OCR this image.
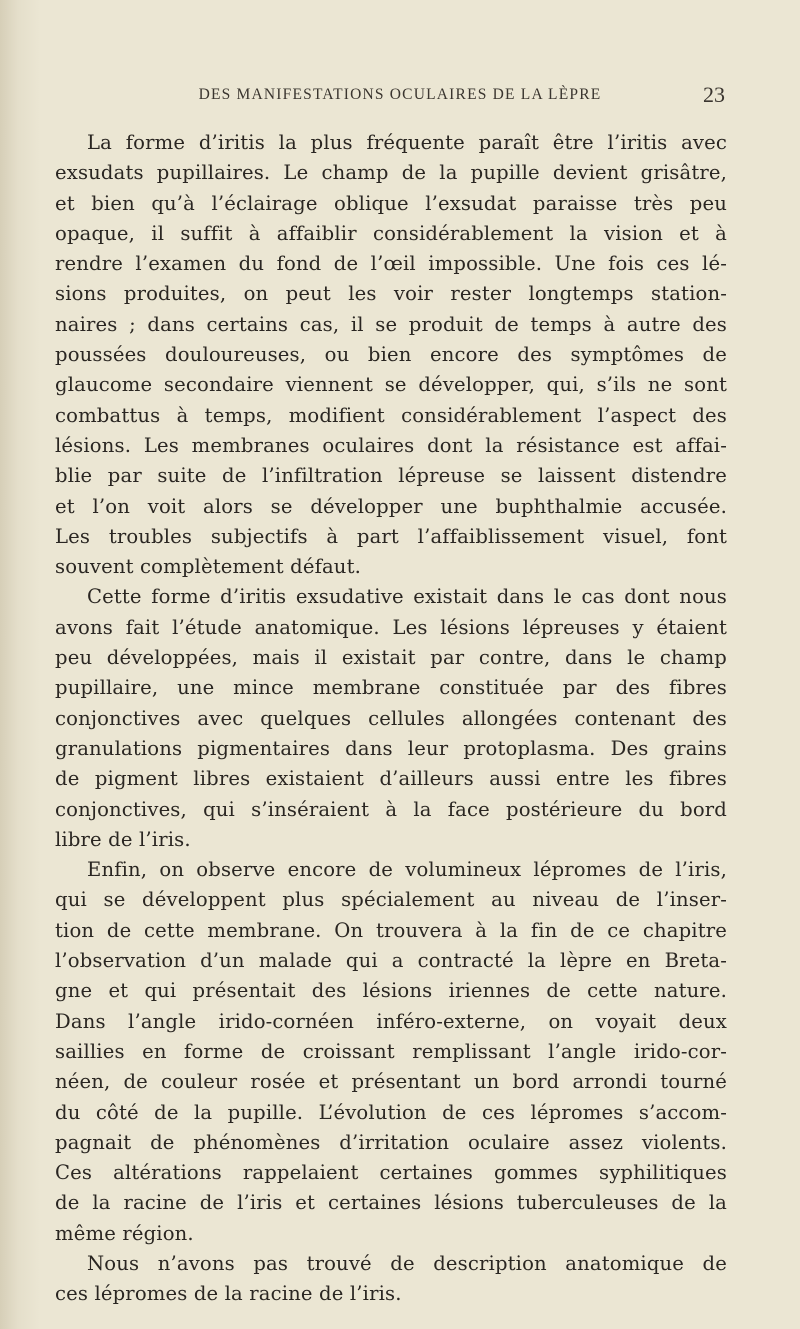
DES MANIFESTATIONS OCULAIRES DE LA LÈPRE	23
La forme d’iritis la plus fréquente paraît être l’iritis avec
exsudats pupillaires. Le champ de la pupille devient grisâtre,
et bien qu’à l’éclairage oblique l’exsudat paraisse très peu
opaque, il suffit à affaiblir considérablement la vision et à
rendre l’examen du fond de l’œil impossible. Une fois ces lé-
sions produites, on peut les voir rester longtemps station-
naires ; dans certains cas, il se produit de temps à autre des
poussées douloureuses, ou bien encore des symptômes de
glaucome secondaire viennent se développer, qui, s’ils ne sont
combattus à temps, modifient considérablement l’aspect des
lésions. Les membranes oculaires dont la résistance est affai-
blie par suite de l’infiltration lépreuse se laissent distendre
et l’on voit alors se développer une buphthalmie accusée.
Les troubles subjectifs à part l’affaiblissement visuel, font
souvent complètement défaut.
Cette forme d’iritis exsudative existait dans le cas dont nous
avons fait l’étude anatomique. Les lésions lépreuses y étaient
peu développées, mais il existait par contre, dans le champ
pupillaire, une mince membrane constituée par des fibres
conjonctives avec quelques cellules allongées contenant des
granulations pigmentaires dans leur protoplasma. Des grains
de pigment libres existaient d’ailleurs aussi entre les fibres
conjonctives, qui s’inséraient à la face postérieure du bord
libre de l’iris.
Enfin, on observe encore de volumineux lépromes de l’iris,
qui se développent plus spécialement au niveau de l’inser-
tion de cette membrane. On trouvera à la fin de ce chapitre
l’observation d’un malade qui a contracté la lèpre en Breta-
gne et qui présentait des lésions iriennes de cette nature.
Dans l’angle irido-cornéen inféro-externe, on voyait deux
saillies en forme de croissant remplissant l’angle irido-cor-
néen, de couleur rosée et présentant un bord arrondi tourné
du côté de la pupille. L’évolution de ces lépromes s’accom-
pagnait de phénomènes d’irritation oculaire assez violents.
Ces altérations rappelaient certaines gommes syphilitiques
de la racine de l’iris et certaines lésions tuberculeuses de la
même région.
Nous n’avons pas trouvé de description anatomique de
ces lépromes de la racine de l’iris.
